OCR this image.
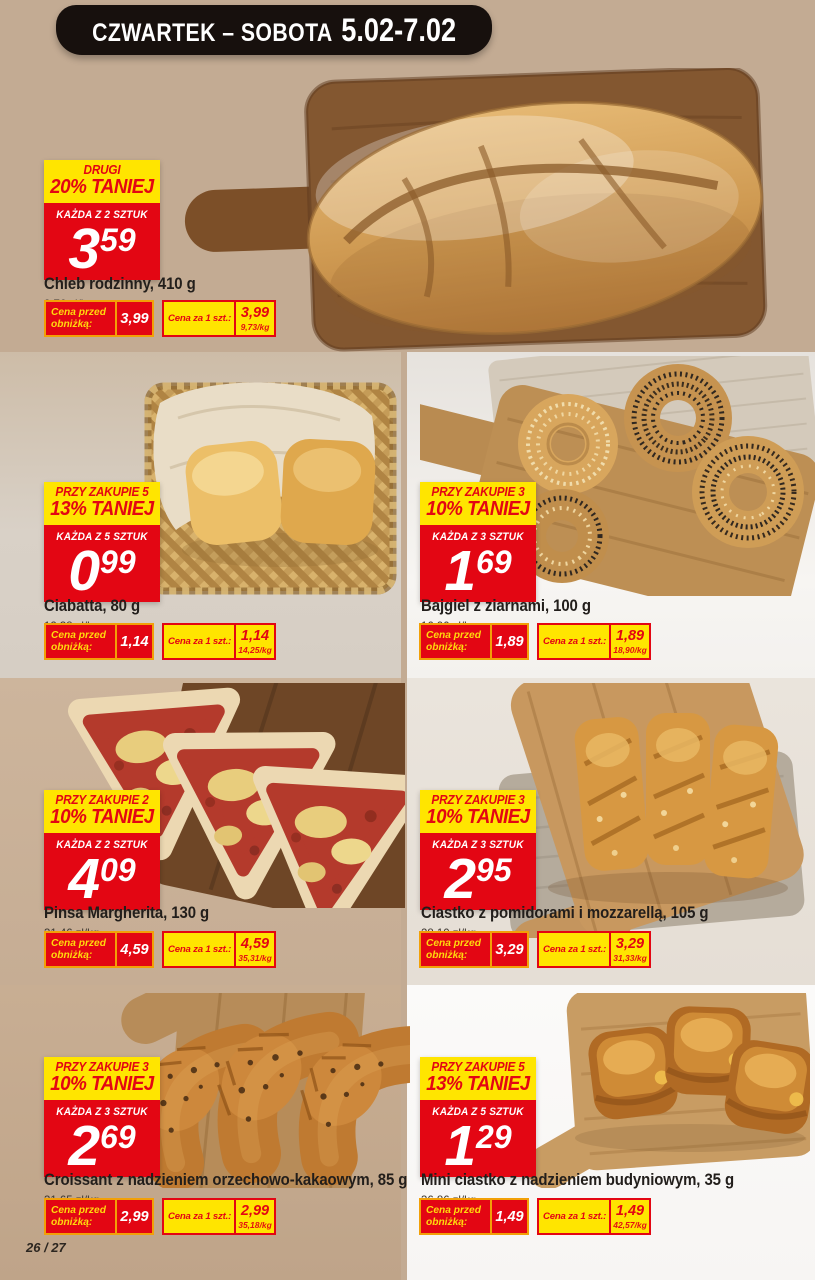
CZWARTEK – SOBOTA 5.02-7.02
DRUGI
20% TANIEJ
KAŻDA Z 2 SZTUK
3 59
Chleb rodzinny, 410 g
Cena przed obniżką:	3,99	Cena za 1 szt.: 3,99
9,73/kg
PRZY ZAKUPIE 5
13% TANIEJ
KAŻDA Z 5 SZTUK
0 99
Ciabatta, 80 g
Cena przed obniżką:	1,14	Cena za 1 szt.: 1,14
14,25/kg
PRZY ZAKUPIE 3
10% TANIEJ
KAŻDA Z 3 SZTUK
1 69
Bajgiel z ziarnami, 100 g
Cena przed obniżką:	1,89	Cena za 1 szt.: 1,89
18,90/kg
PRZY ZAKUPIE 2
10% TANIEJ
KAŻDA Z 2 SZTUK
4 09
Pinsa Margherita, 130 g
Cena przed obniżką:	4,59	Cena za 1 szt.: 4,59
35,31/kg
PRZY ZAKUPIE 3
10% TANIEJ
KAŻDA Z 3 SZTUK
2 95
Ciastko z pomidorami i mozzarellą, 105 g
Cena przed obniżką:	3,29	Cena za 1 szt.: 3,29
31,33/kg
PRZY ZAKUPIE 3
10% TANIEJ
KAŻDA Z 3 SZTUK
2 69
Croissant z nadzieniem orzechowo-kakaowym, 85 g
Cena przed obniżką:	2,99	Cena za 1 szt.: 2,99
35,18/kg
PRZY ZAKUPIE 5
13% TANIEJ
KAŻDA Z 5 SZTUK
1 29
Mini ciastko z nadzieniem budyniowym, 35 g
Cena przed obniżką:	1,49	Cena za 1 szt.: 1,49
42,57/kg
26 / 27
